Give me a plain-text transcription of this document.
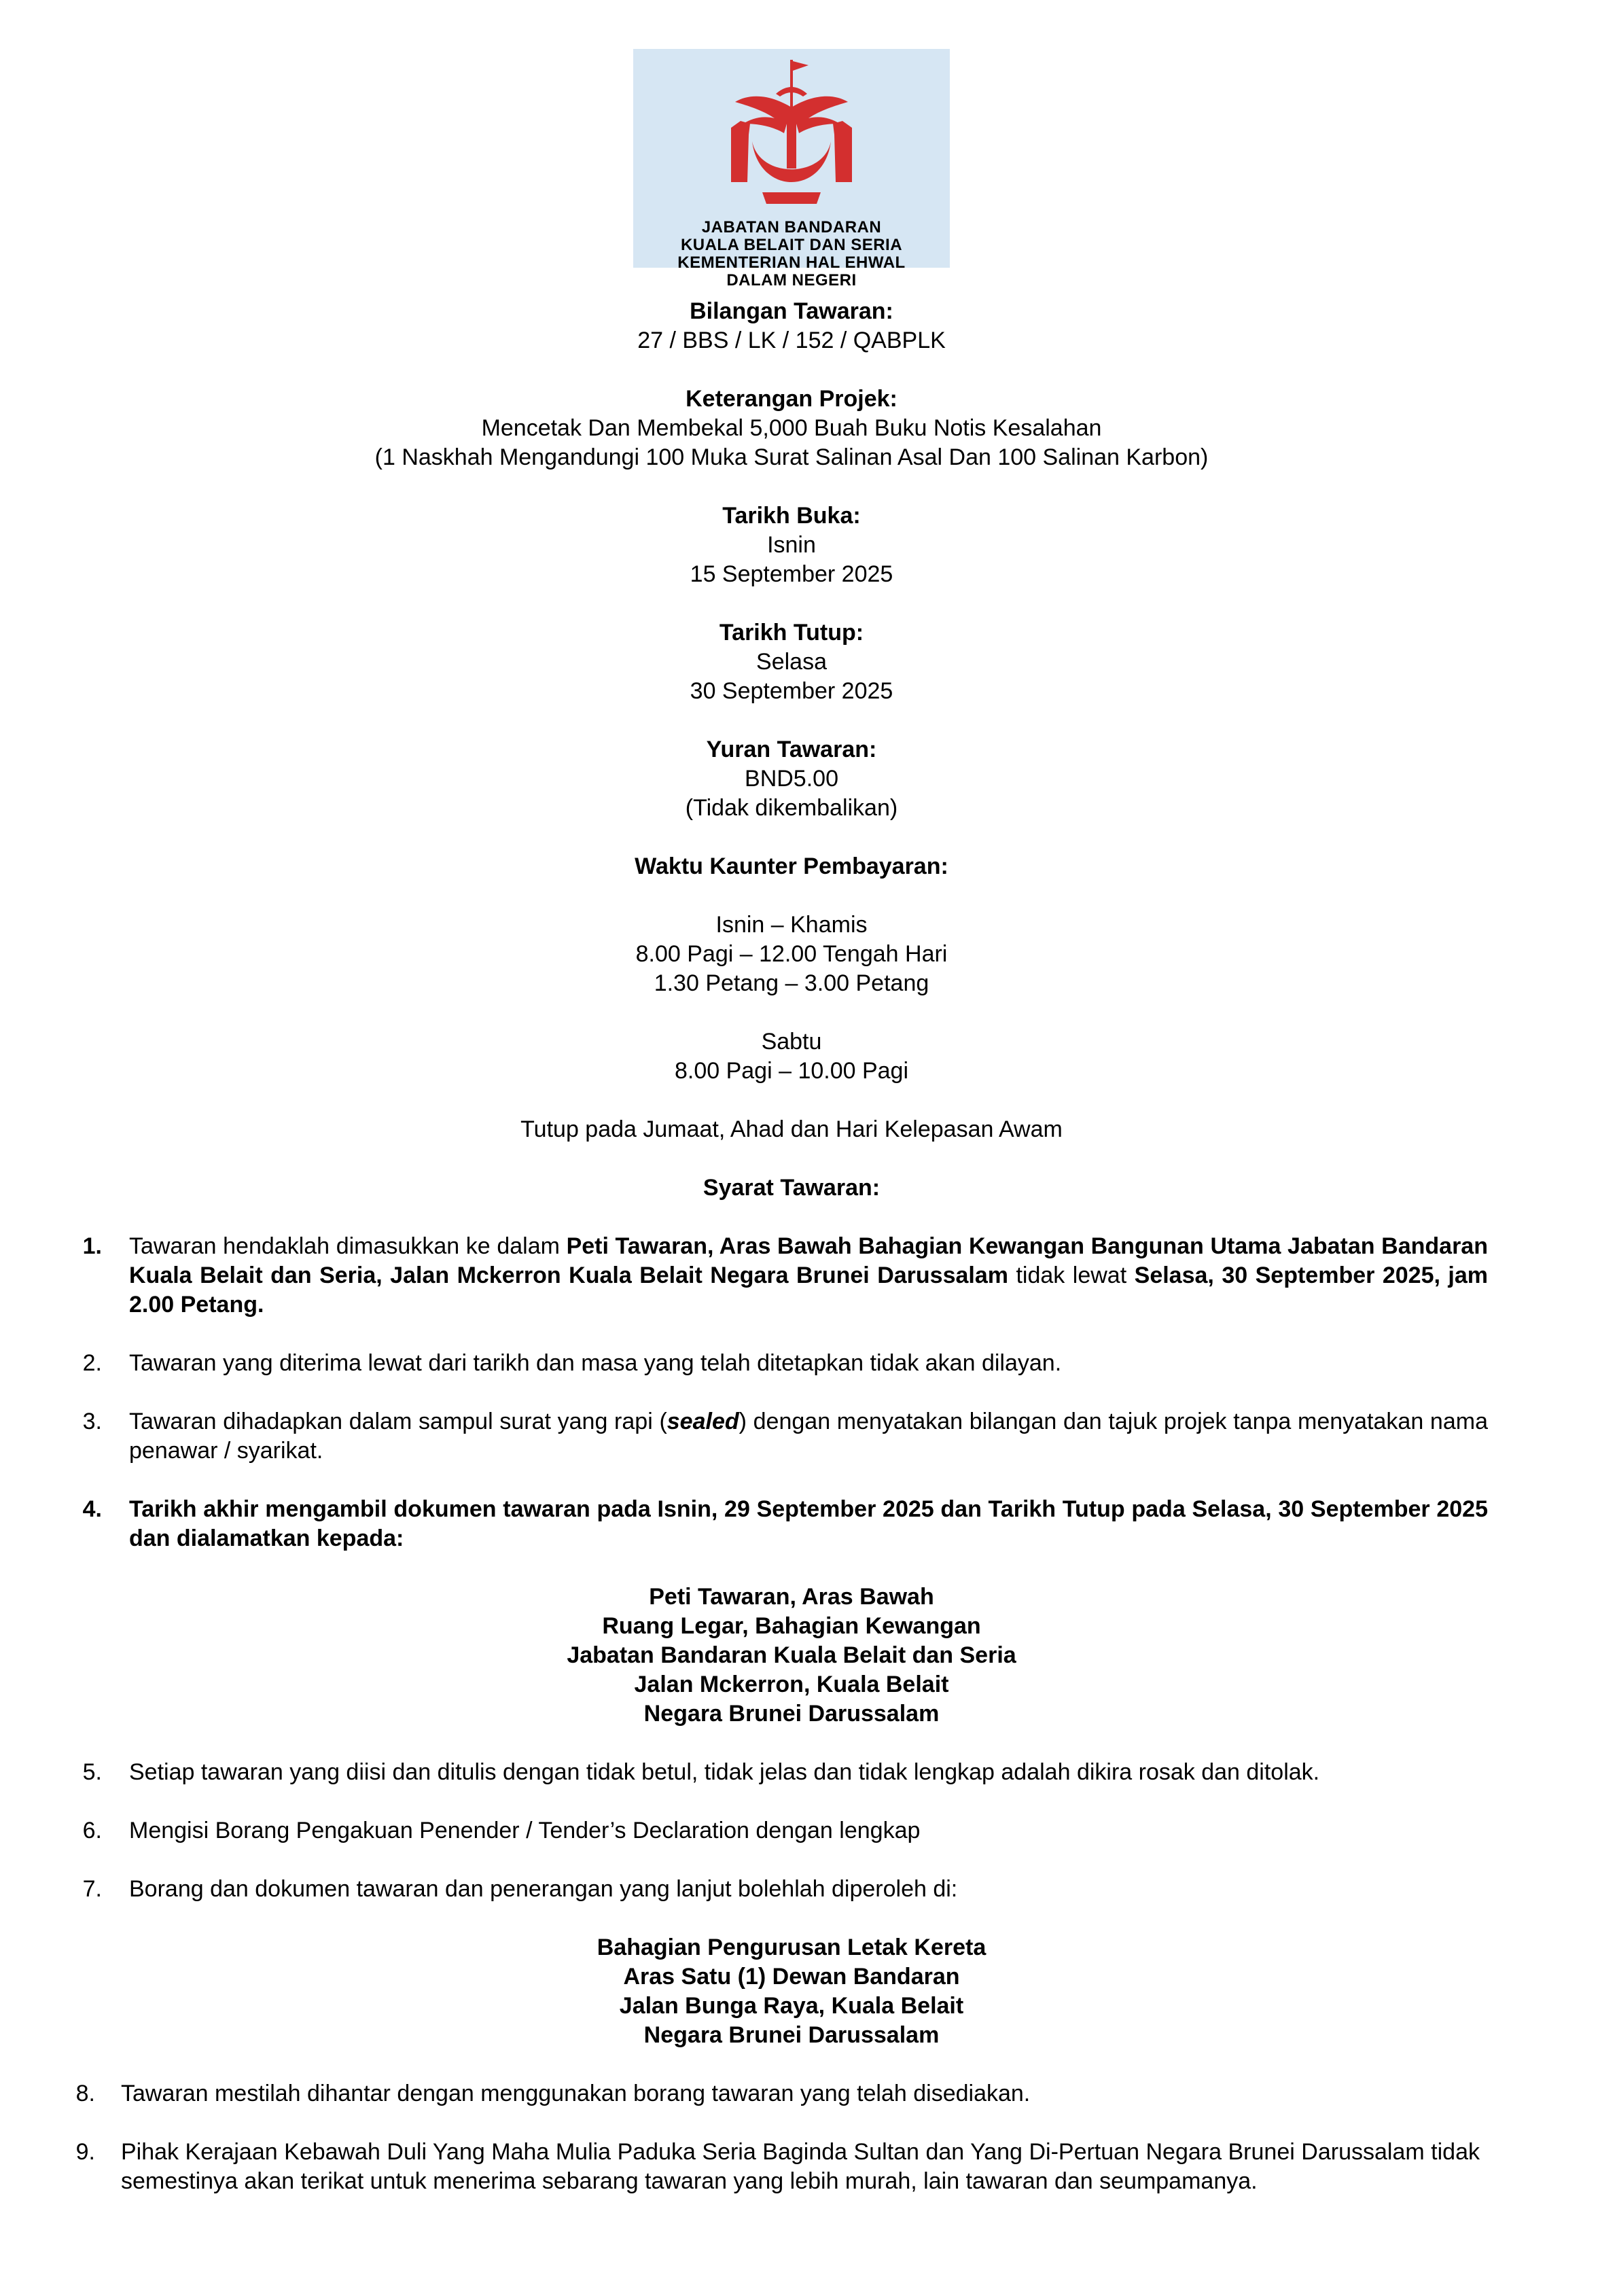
JABATAN BANDARAN
KUALA BELAIT DAN SERIA
KEMENTERIAN HAL EHWAL
DALAM NEGERI
Bilangan Tawaran:
27 / BBS / LK / 152 / QABPLK
Keterangan Projek:
Mencetak Dan Membekal 5,000 Buah Buku Notis Kesalahan
(1 Naskhah Mengandungi 100 Muka Surat Salinan Asal Dan 100 Salinan Karbon)
Tarikh Buka:
Isnin
15 September 2025
Tarikh Tutup:
Selasa
30 September 2025
Yuran Tawaran:
BND5.00
(Tidak dikembalikan)
Waktu Kaunter Pembayaran:
Isnin – Khamis
8.00 Pagi – 12.00 Tengah Hari
1.30 Petang – 3.00 Petang
Sabtu
8.00 Pagi – 10.00 Pagi
Tutup pada Jumaat, Ahad dan Hari Kelepasan Awam
Syarat Tawaran:
1. Tawaran hendaklah dimasukkan ke dalam Peti Tawaran, Aras Bawah Bahagian Kewangan Bangunan Utama Jabatan Bandaran Kuala Belait dan Seria, Jalan Mckerron Kuala Belait Negara Brunei Darussalam tidak lewat Selasa, 30 September 2025, jam 2.00 Petang.

2. Tawaran yang diterima lewat dari tarikh dan masa yang telah ditetapkan tidak akan dilayan.
3. Tawaran dihadapkan dalam sampul surat yang rapi (sealed) dengan menyatakan bilangan dan tajuk projek tanpa menyatakan nama penawar / syarikat.

4. Tarikh akhir mengambil dokumen tawaran pada Isnin, 29 September 2025 dan Tarikh Tutup pada Selasa, 30 September 2025 dan dialamatkan kepada:
Peti Tawaran, Aras Bawah
Ruang Legar, Bahagian Kewangan
Jabatan Bandaran Kuala Belait dan Seria
Jalan Mckerron, Kuala Belait
Negara Brunei Darussalam
5. Setiap tawaran yang diisi dan ditulis dengan tidak betul, tidak jelas dan tidak lengkap adalah dikira rosak dan ditolak.
6. Mengisi Borang Pengakuan Penender / Tender’s Declaration dengan lengkap
7. Borang dan dokumen tawaran dan penerangan yang lanjut bolehlah diperoleh di:
Bahagian Pengurusan Letak Kereta
Aras Satu (1) Dewan Bandaran
Jalan Bunga Raya, Kuala Belait
Negara Brunei Darussalam
8. Tawaran mestilah dihantar dengan menggunakan borang tawaran yang telah disediakan.
9. Pihak Kerajaan Kebawah Duli Yang Maha Mulia Paduka Seria Baginda Sultan dan Yang Di-Pertuan Negara Brunei Darussalam tidak semestinya akan terikat untuk menerima sebarang tawaran yang lebih murah, lain tawaran dan seumpamanya.
